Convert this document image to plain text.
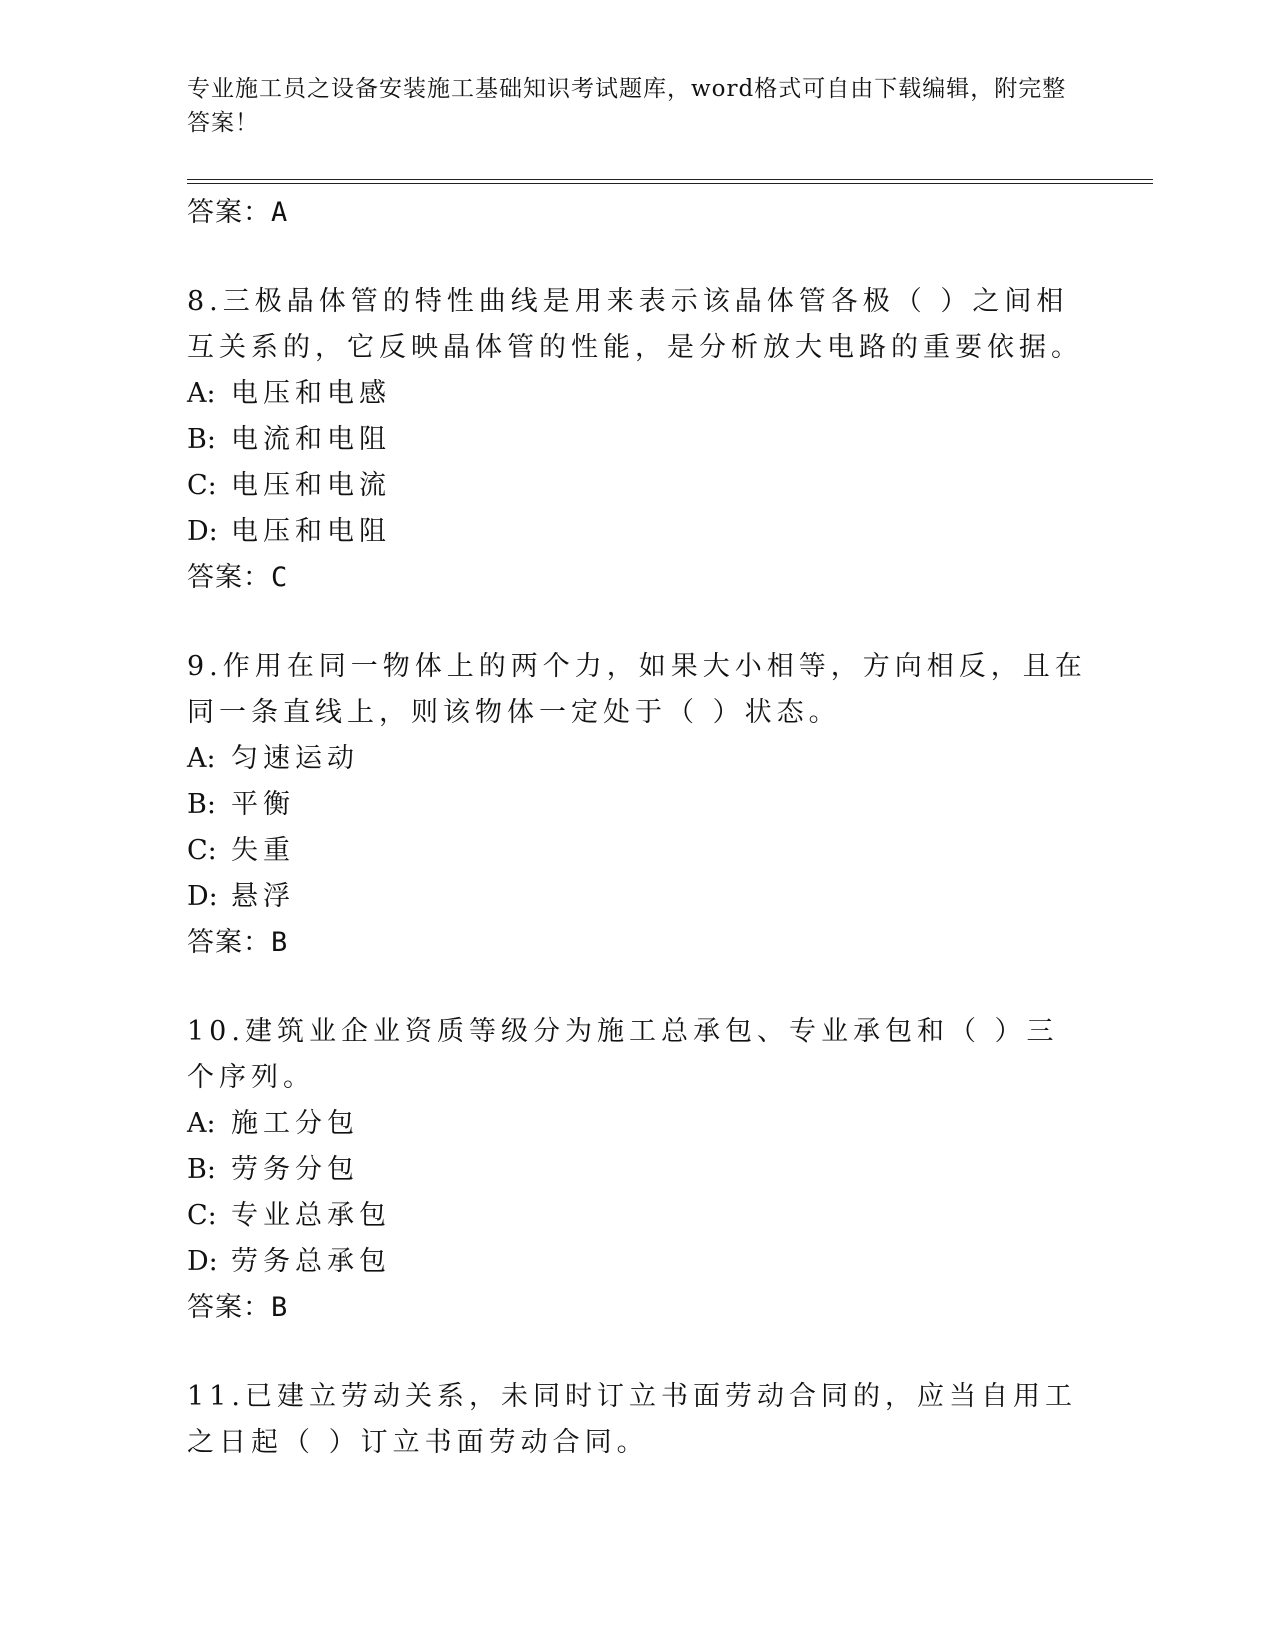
专业施工员之设备安装施工基础知识考试题库，word格式可自由下载编辑，附完整答案！
答案：A
8.三极晶体管的特性曲线是用来表示该晶体管各极（ ）之间相互关系的，它反映晶体管的性能，是分析放大电路的重要依据。
A: 电压和电感
B: 电流和电阻
C: 电压和电流
D: 电压和电阻
答案：C
9.作用在同一物体上的两个力，如果大小相等，方向相反，且在同一条直线上，则该物体一定处于（ ）状态。
A: 匀速运动
B: 平衡
C: 失重
D: 悬浮
答案：B
10.建筑业企业资质等级分为施工总承包、专业承包和（ ）三个序列。
A: 施工分包
B: 劳务分包
C: 专业总承包
D: 劳务总承包
答案：B
11.已建立劳动关系，未同时订立书面劳动合同的，应当自用工之日起（ ）订立书面劳动合同。
